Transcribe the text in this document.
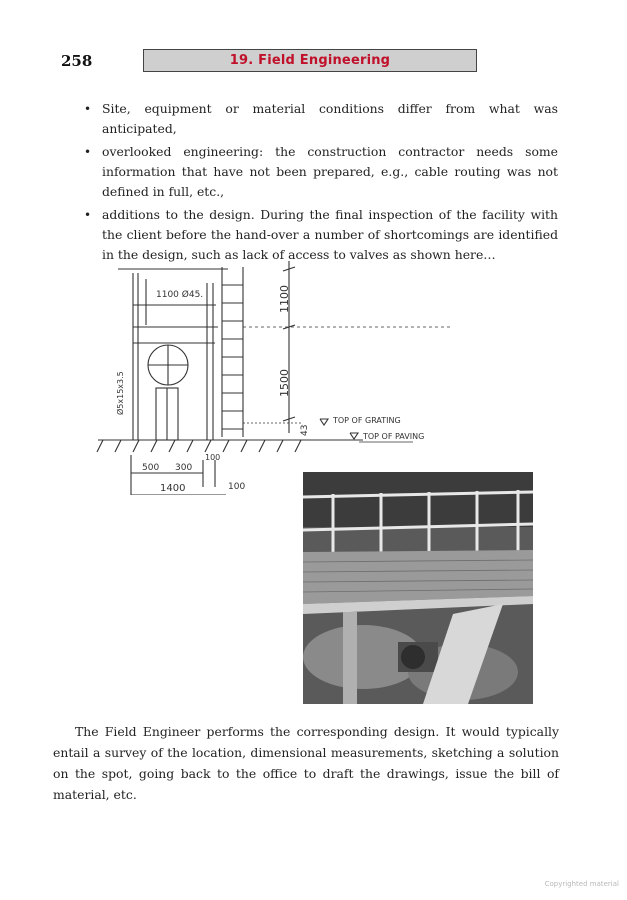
258	19. Field Engineering
• Site, equipment or material conditions differ from what was anticipated,
• overlooked engineering: the construction contractor needs some information that have not been prepared, e.g., cable routing was not defined in full, etc.,
• additions to the design. During the final inspection of the facility with the client before the hand-over a number of shortcomings are identified in the design, such as lack of access to valves as shown here…
1100 Ø45.
Ø5x15x3.5
1100
1500
43
TOP OF GRATING
TOP OF PAVING
500 300
100
1400	100

The Field Engineer performs the corresponding design. It would typically entail a survey of the location, dimensional measurements, sketching a solution on the spot, going back to the office to draft the drawings, issue the bill of material, etc.

Copyrighted material
